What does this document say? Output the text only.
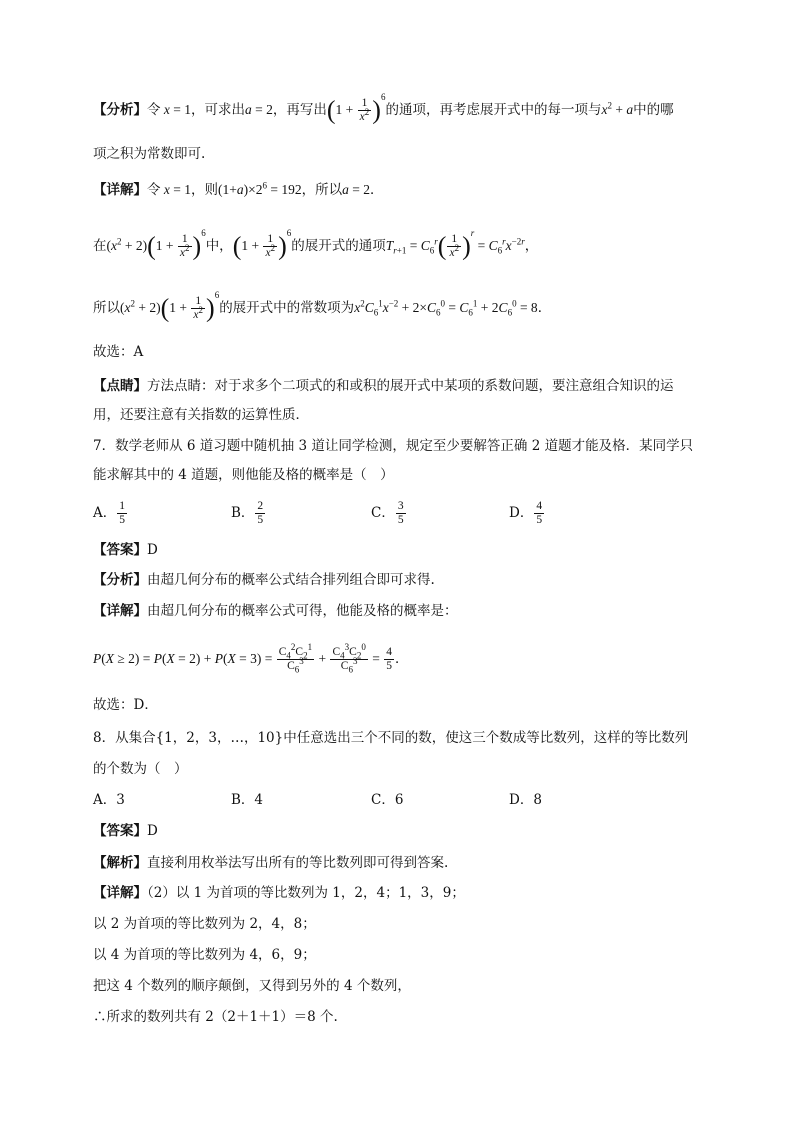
【分析】令 x = 1，可求出a = 2，再写出$(1 + \frac{1}{x^2} )^6$的通项，再考虑展开式中的每一项与$x^2 + a$中的哪
项之积为常数即可.
【详解】令 x = 1，则$(1+a)\times 2^6 = 192$，所以a = 2．
在$(x^2 + 2)(1 + \frac{1}{x^2} )^6$中，$(1 + \frac{1}{x^2} )^6$的展开式的通项$T_{r+1} = C_6^r( \frac{1}{x^2} )^r = C_6^rx^{-2r}$，
所以$(x^2 + 2)(1 + \frac{1}{x^2} )^6$的展开式中的常数项为$x^2C_6^1x^{-2} + 2\times C_6^0 = C_6^1 + 2C_6^0 = 8$．
故选：A
【点睛】方法点睛：对于求多个二项式的和或积的展开式中某项的系数问题，要注意组合知识的运
用，还要注意有关指数的运算性质．
7．数学老师从 6 道习题中随机抽 3 道让同学检测，规定至少要解答正确 2 道题才能及格．某同学只
能求解其中的 4 道题，则他能及格的概率是（　）
A． $\frac{1}{5}$	B． $\frac{2}{5}$	C． $\frac{3}{5}$	D． $\frac{4}{5}$
【答案】D
【分析】由超几何分布的概率公式结合排列组合即可求得.
【详解】由超几何分布的概率公式可得，他能及格的概率是：
$P(X \ge 2) = P(X = 2) + P(X = 3) = \frac{C_4^2C_2^1}{C_6^3} + \frac{C_4^3C_2^0}{C_6^3} = \frac{4}{5}$ ．
故选：D．
8．从集合{1，2，3，…，10}中任意选出三个不同的数，使这三个数成等比数列，这样的等比数列
的个数为（　）
A．3	B．4	C．6	D．8
【答案】D
【解析】直接利用枚举法写出所有的等比数列即可得到答案.
【详解】（2）以 1 为首项的等比数列为 1，2，4；1，3，9；
以 2 为首项的等比数列为 2，4，8；
以 4 为首项的等比数列为 4，6，9；
把这 4 个数列的顺序颠倒，又得到另外的 4 个数列，
∴所求的数列共有 2（2＋1＋1）＝8 个.
